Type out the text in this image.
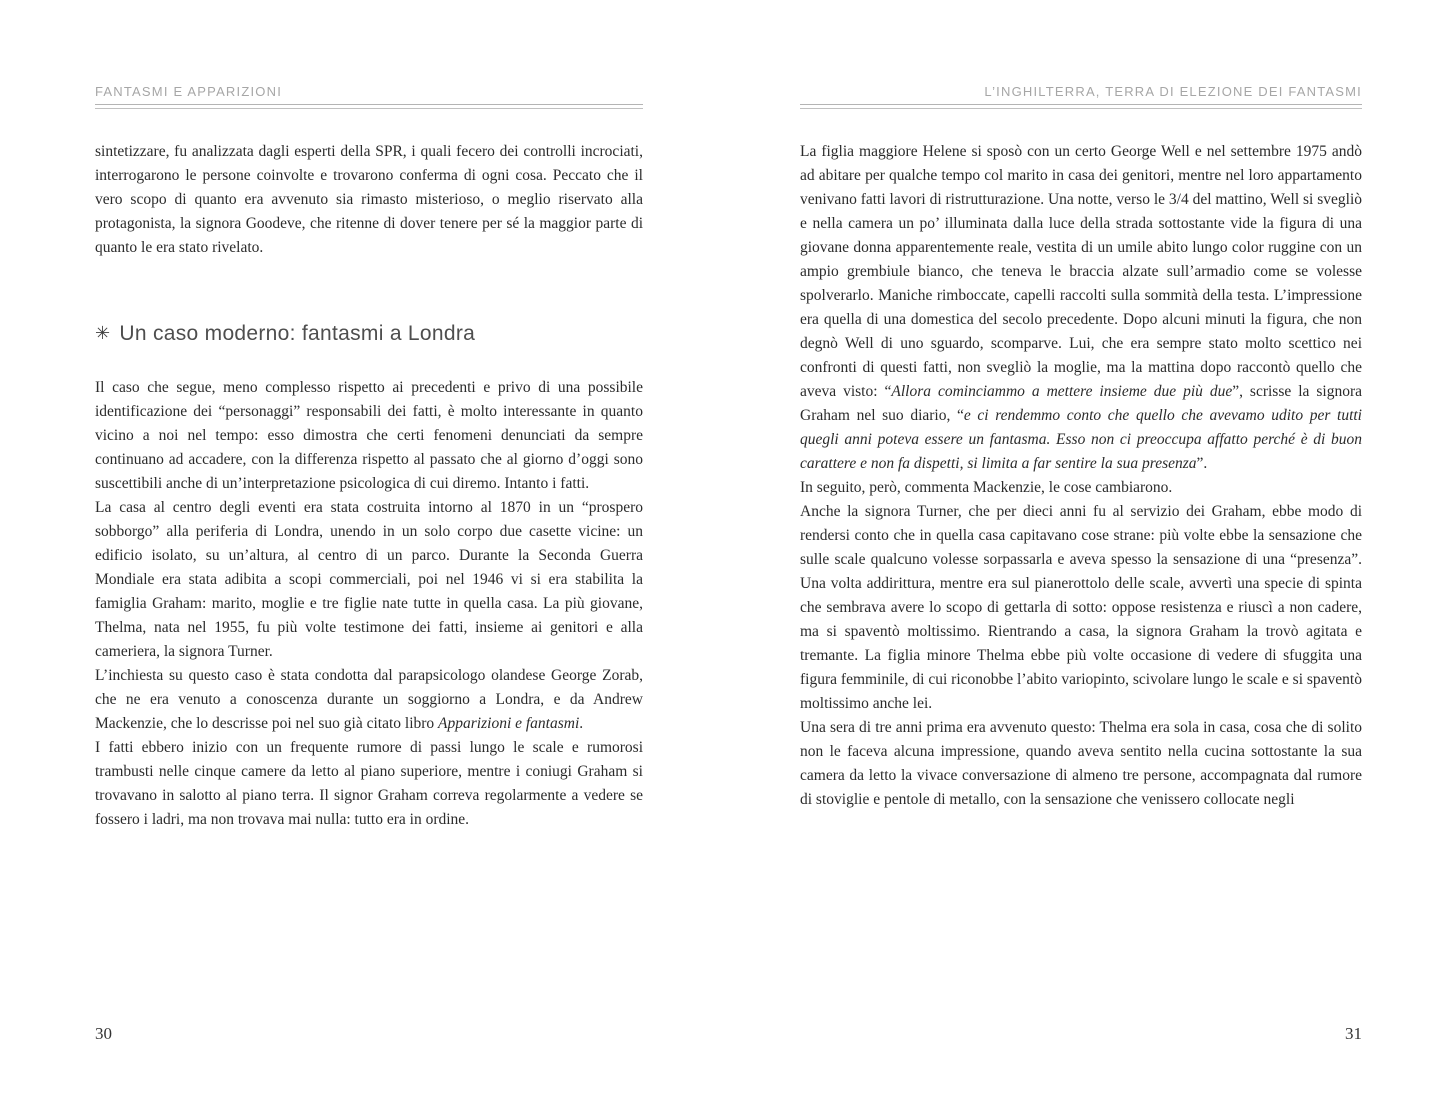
FANTASMI E APPARIZIONI

sintetizzare, fu analizzata dagli esperti della SPR, i quali fecero dei controlli incrociati, interrogarono le persone coinvolte e trovarono conferma di ogni cosa. Peccato che il vero scopo di quanto era avvenuto sia rimasto misterioso, o meglio riservato alla protagonista, la signora Goodeve, che ritenne di dover tenere per sé la maggior parte di quanto le era stato rivelato.

✳ Un caso moderno: fantasmi a Londra

Il caso che segue, meno complesso rispetto ai precedenti e privo di una possibile identificazione dei “personaggi” responsabili dei fatti, è molto interessante in quanto vicino a noi nel tempo: esso dimostra che certi fenomeni denunciati da sempre continuano ad accadere, con la differenza rispetto al passato che al giorno d’oggi sono suscettibili anche di un’interpretazione psicologica di cui diremo. Intanto i fatti.

La casa al centro degli eventi era stata costruita intorno al 1870 in un “prospero sobborgo” alla periferia di Londra, unendo in un solo corpo due casette vicine: un edificio isolato, su un’altura, al centro di un parco. Durante la Seconda Guerra Mondiale era stata adibita a scopi commerciali, poi nel 1946 vi si era stabilita la famiglia Graham: marito, moglie e tre figlie nate tutte in quella casa. La più giovane, Thelma, nata nel 1955, fu più volte testimone dei fatti, insieme ai genitori e alla cameriera, la signora Turner.

L’inchiesta su questo caso è stata condotta dal parapsicologo olandese George Zorab, che ne era venuto a conoscenza durante un soggiorno a Londra, e da Andrew Mackenzie, che lo descrisse poi nel suo già citato libro Apparizioni e fantasmi.

I fatti ebbero inizio con un frequente rumore di passi lungo le scale e rumorosi trambusti nelle cinque camere da letto al piano superiore, mentre i coniugi Graham si trovavano in salotto al piano terra. Il signor Graham correva regolarmente a vedere se fossero i ladri, ma non trovava mai nulla: tutto era in ordine.

30
L’INGHILTERRA, TERRA DI ELEZIONE DEI FANTASMI

La figlia maggiore Helene si sposò con un certo George Well e nel settembre 1975 andò ad abitare per qualche tempo col marito in casa dei genitori, mentre nel loro appartamento venivano fatti lavori di ristrutturazione. Una notte, verso le 3/4 del mattino, Well si svegliò e nella camera un po’ illuminata dalla luce della strada sottostante vide la figura di una giovane donna apparentemente reale, vestita di un umile abito lungo color ruggine con un ampio grembiule bianco, che teneva le braccia alzate sull’armadio come se volesse spolverarlo. Maniche rimboccate, capelli raccolti sulla sommità della testa. L’impressione era quella di una domestica del secolo precedente. Dopo alcuni minuti la figura, che non degnò Well di uno sguardo, scomparve. Lui, che era sempre stato molto scettico nei confronti di questi fatti, non svegliò la moglie, ma la mattina dopo raccontò quello che aveva visto: “Allora cominciammo a mettere insieme due più due”, scrisse la signora Graham nel suo diario, “e ci rendemmo conto che quello che avevamo udito per tutti quegli anni poteva essere un fantasma. Esso non ci preoccupa affatto perché è di buon carattere e non fa dispetti, si limita a far sentire la sua presenza”.

In seguito, però, commenta Mackenzie, le cose cambiarono.

Anche la signora Turner, che per dieci anni fu al servizio dei Graham, ebbe modo di rendersi conto che in quella casa capitavano cose strane: più volte ebbe la sensazione che sulle scale qualcuno volesse sorpassarla e aveva spesso la sensazione di una “presenza”. Una volta addirittura, mentre era sul pianerottolo delle scale, avvertì una specie di spinta che sembrava avere lo scopo di gettarla di sotto: oppose resistenza e riuscì a non cadere, ma si spaventò moltissimo. Rientrando a casa, la signora Graham la trovò agitata e tremante. La figlia minore Thelma ebbe più volte occasione di vedere di sfuggita una figura femminile, di cui riconobbe l’abito variopinto, scivolare lungo le scale e si spaventò moltissimo anche lei.

Una sera di tre anni prima era avvenuto questo: Thelma era sola in casa, cosa che di solito non le faceva alcuna impressione, quando aveva sentito nella cucina sottostante la sua camera da letto la vivace conversazione di almeno tre persone, accompagnata dal rumore di stoviglie e pentole di metallo, con la sensazione che venissero collocate negli

31
